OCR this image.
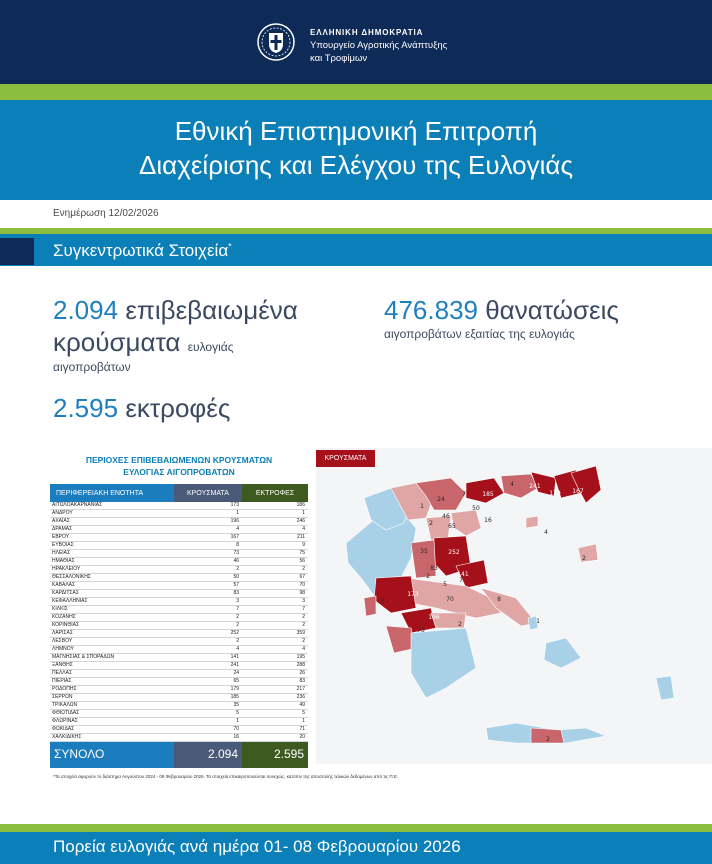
ΕΛΛΗΝΙΚΗ ΔΗΜΟΚΡΑΤΙΑ
Υπουργείο Αγροτικής Ανάπτυξης
και Τροφίμων
Εθνική Επιστημονική Επιτροπή
Διαχείρισης και Ελέγχου της Ευλογιάς
Ενημέρωση 12/02/2026
Συγκεντρωτικά Στοιχεία*
2.094 επιβεβαιωμένα
κρούσματα ευλογιάς
αιγοπροβάτων
476.839 θανατώσεις
αιγοπροβάτων εξαιτίας της ευλογιάς
2.595 εκτροφές
ΠΕΡΙΟΧΕΣ ΕΠΙΒΕΒΑΙΩΜΕΝΩΝ ΚΡΟΥΣΜΑΤΩΝ
ΕΥΛΟΓΙΑΣ ΑΙΓΟΠΡΟΒΑΤΩΝ
ΠΕΡΙΦΕΡΕΙΑΚΗ ΕΝΟΤΗΤΑ	ΚΡΟΥΣΜΑΤΑ	ΕΚΤΡΟΦΕΣ
ΑΙΤΩΛΟΑΚΑΡΝΑΝΙΑΣ	173	186
ΑΝΔΡΟΥ	1	1
ΑΧΑΪΑΣ	196	246
ΔΡΑΜΑΣ	4	4
ΕΒΡΟΥ	167	211
ΕΥΒΟΙΑΣ	8	9
ΗΛΕΙΑΣ	73	75
ΗΜΑΘΙΑΣ	46	56
ΗΡΑΚΛΕΙΟΥ	2	2
ΘΕΣΣΑΛΟΝΙΚΗΣ	50	67
ΚΑΒΑΛΑΣ	57	70
ΚΑΡΔΙΤΣΑΣ	83	98
ΚΕΦΑΛΛΗΝΙΑΣ	3	3
ΚΙΛΚΙΣ	7	7
ΚΟΖΑΝΗΣ	2	2
ΚΟΡΙΝΘΙΑΣ	2	2
ΛΑΡΙΣΑΣ	252	359
ΛΕΣΒΟΥ	2	2
ΛΗΜΝΟΥ	4	4
ΜΑΓΝΗΣΙΑΣ & ΣΠΟΡΑΔΩΝ	141	195
ΞΑΝΘΗΣ	241	288
ΠΕΛΛΑΣ	24	26
ΠΙΕΡΙΑΣ	65	83
ΡΟΔΟΠΗΣ	179	217
ΣΕΡΡΩΝ	185	236
ΤΡΙΚΑΛΩΝ	35	49
ΦΘΙΩΤΙΔΑΣ	5	5
ΦΛΩΡΙΝΑΣ	1	1
ΦΩΚΙΔΑΣ	70	71
ΧΑΛΚΙΔΙΚΗΣ	16	20
ΣΥΝΟΛΟ	2.094	2.595
1
24
7	185
4	241
179 167
46
50
2	65
16
4
35	252
2
83
141
7
5
70	8
3
173
196
2	1
73
2
2
ΚΡΟΥΣΜΑΤΑ
*Τα στοιχεία αφορούν το διάστημα Αυγούστου 2024 - 08 Φεβρουαρίου 2026. Τα στοιχεία επικαιροποιούνται συνεχώς, κατόπιν της αποστολής τελικών δεδομένων από τις Π.Ε.
Πορεία ευλογιάς ανά ημέρα 01- 08 Φεβρουαρίου 2026
